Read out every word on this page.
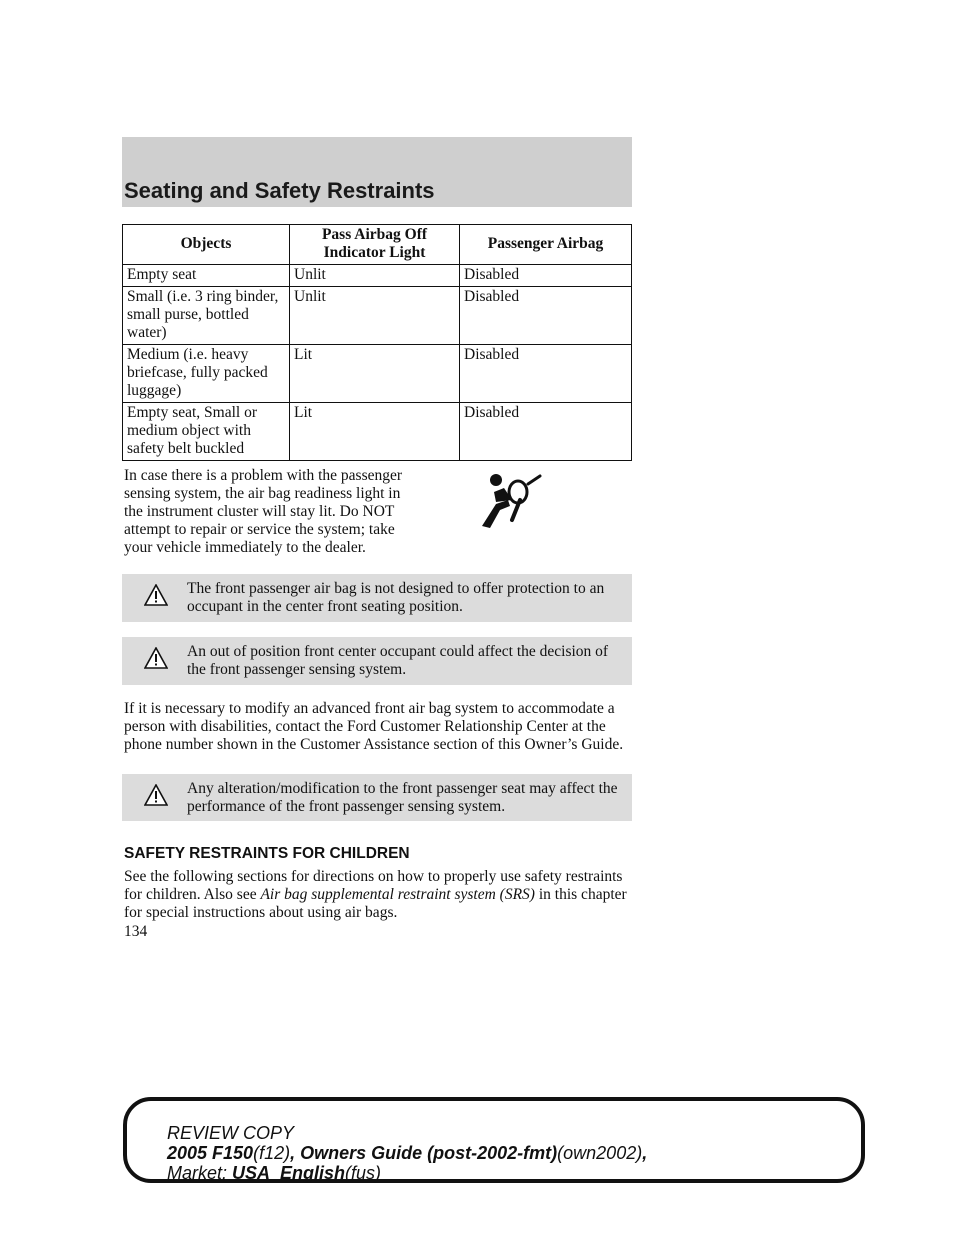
Seating and Safety Restraints
Objects	Pass Airbag Off Indicator Light	Passenger Airbag
Empty seat	Unlit	Disabled
Small (i.e. 3 ring binder, small purse, bottled water)	Unlit	Disabled
Medium (i.e. heavy briefcase, fully packed luggage)	Lit	Disabled
Empty seat, Small or medium object with safety belt buckled	Lit	Disabled
In case there is a problem with the passenger sensing system, the air bag readiness light in the instrument cluster will stay lit. Do NOT attempt to repair or service the system; take your vehicle immediately to the dealer.
The front passenger air bag is not designed to offer protection to an occupant in the center front seating position.
An out of position front center occupant could affect the decision of the front passenger sensing system.
If it is necessary to modify an advanced front air bag system to accommodate a person with disabilities, contact the Ford Customer Relationship Center at the phone number shown in the Customer Assistance section of this Owner’s Guide.
Any alteration/modification to the front passenger seat may affect the performance of the front passenger sensing system.
SAFETY RESTRAINTS FOR CHILDREN
See the following sections for directions on how to properly use safety restraints for children. Also see Air bag supplemental restraint system (SRS) in this chapter for special instructions about using air bags.
134
REVIEW COPY
2005 F150(f12), Owners Guide (post-2002-fmt)(own2002),
Market: USA_English(fus)
